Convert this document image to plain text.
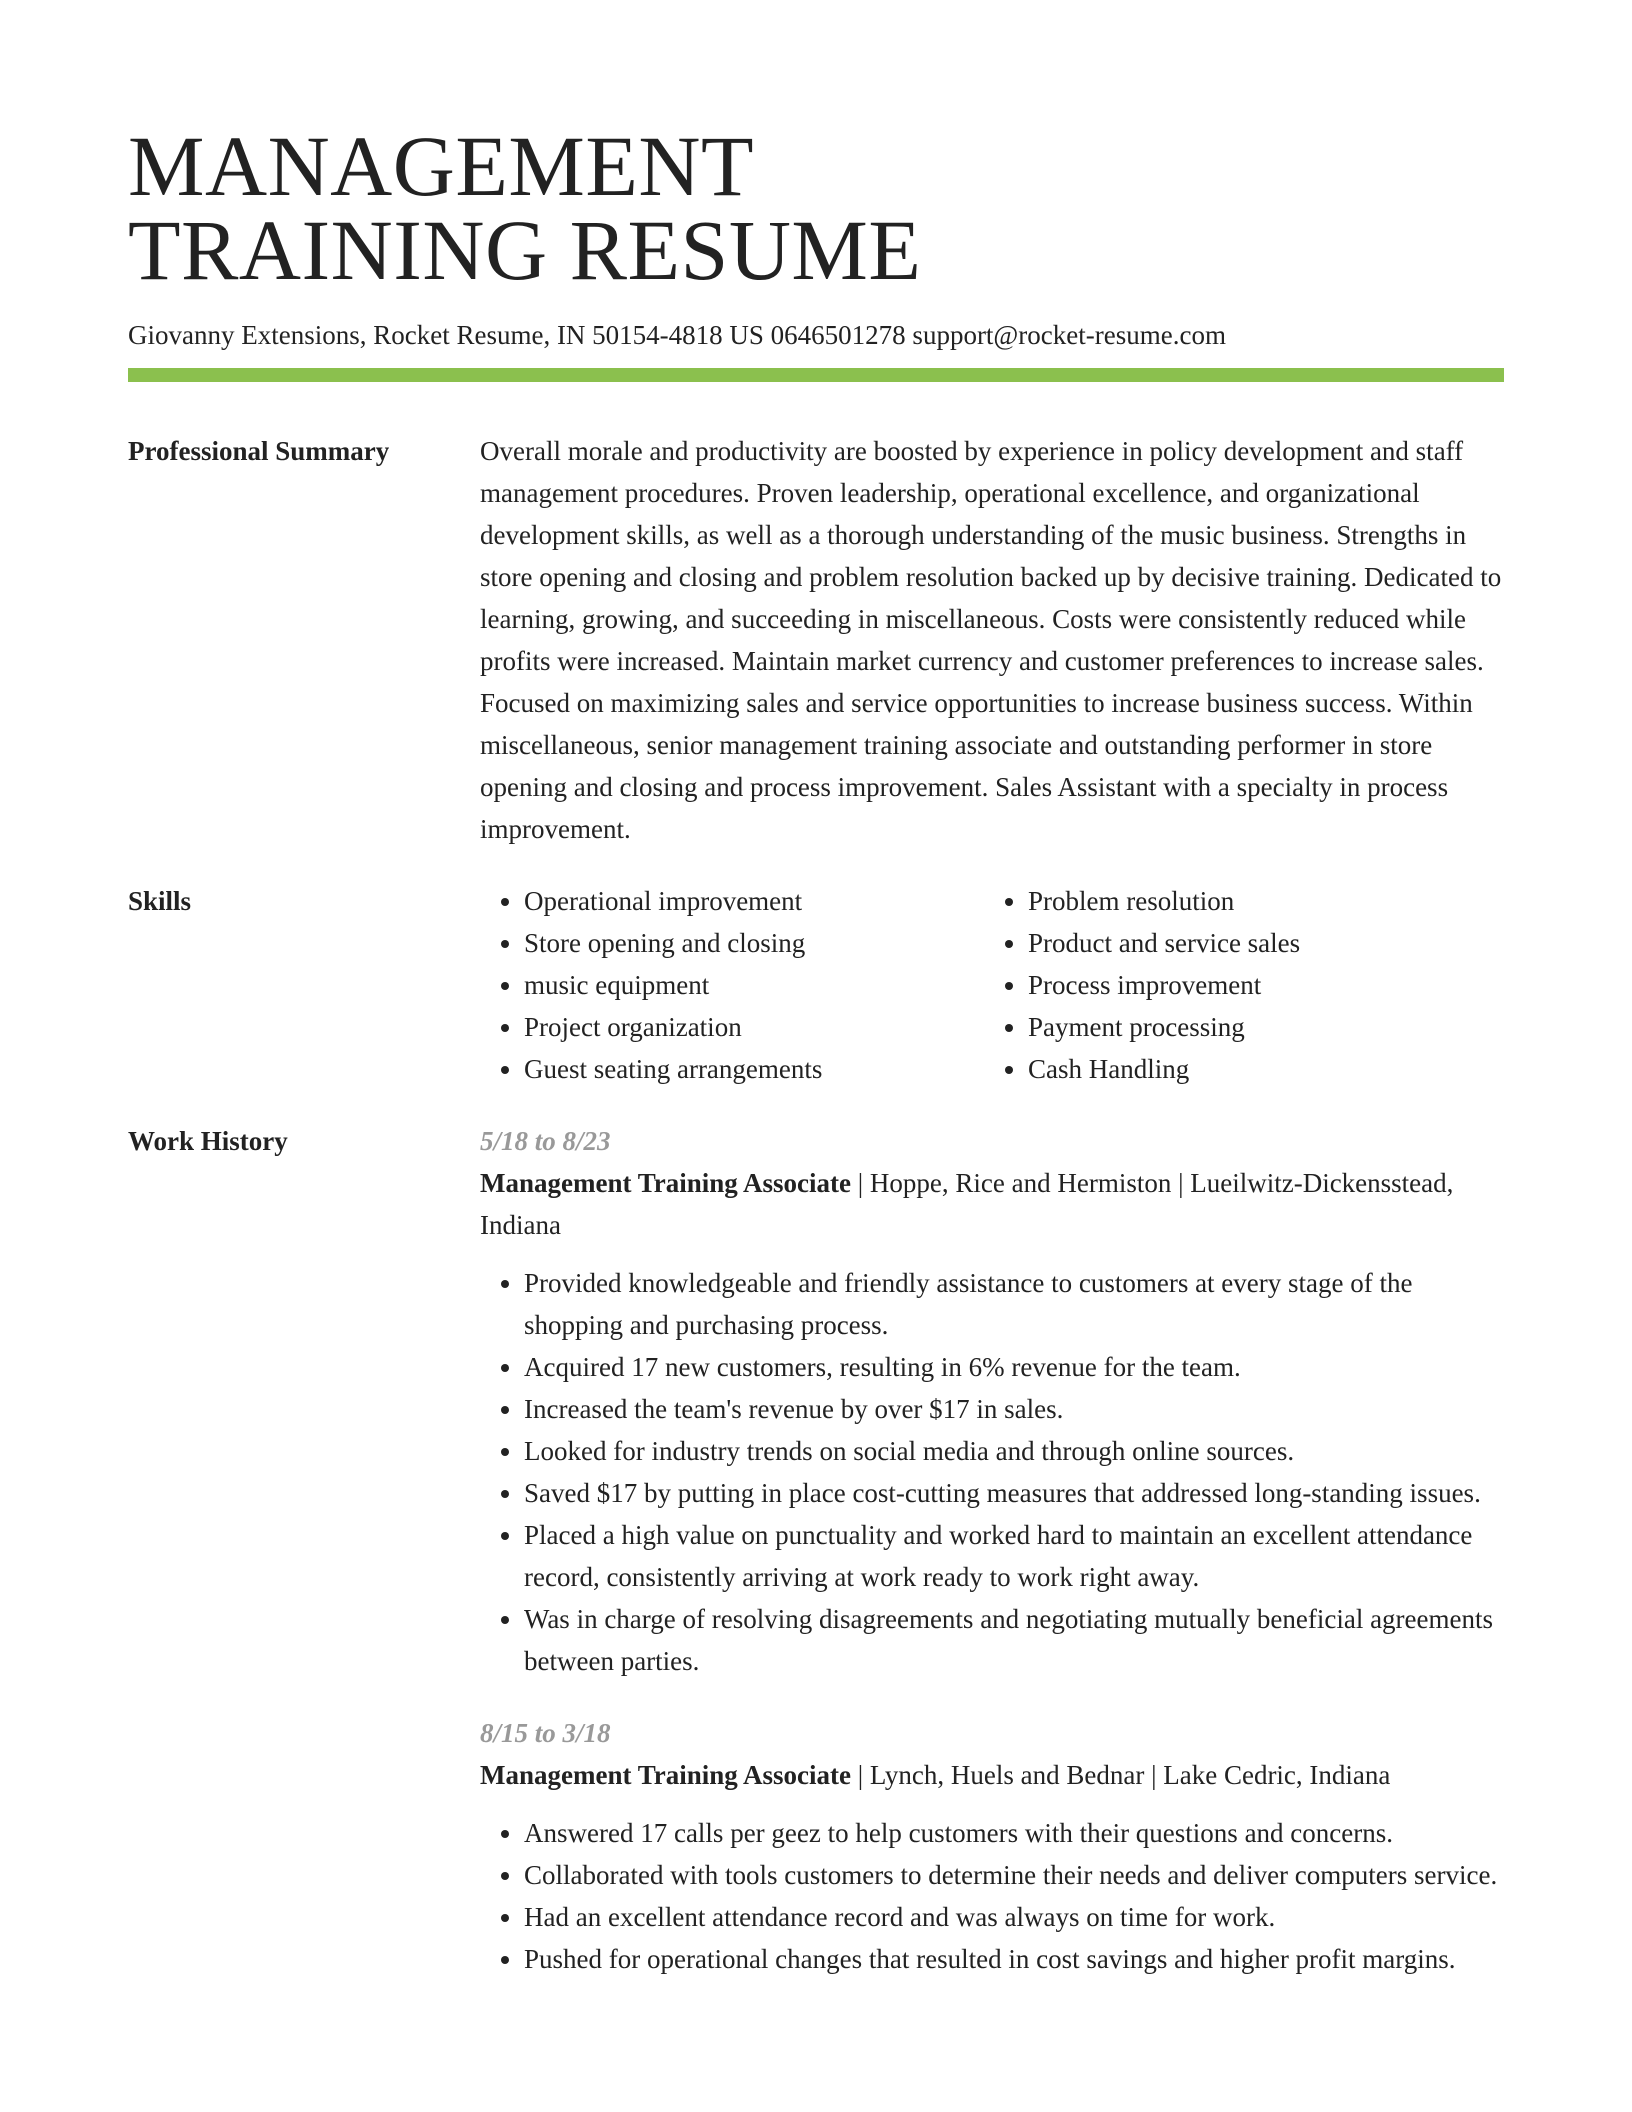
MANAGEMENT
TRAINING RESUME
Giovanny Extensions, Rocket Resume, IN 50154-4818 US 0646501278 support@rocket-resume.com
Professional Summary	Overall morale and productivity are boosted by experience in policy development and staff management procedures. Proven leadership, operational excellence, and organizational development skills, as well as a thorough understanding of the music business. Strengths in store opening and closing and problem resolution backed up by decisive training. Dedicated to learning, growing, and succeeding in miscellaneous. Costs were consistently reduced while profits were increased. Maintain market currency and customer preferences to increase sales. Focused on maximizing sales and service opportunities to increase business success. Within miscellaneous, senior management training associate and outstanding performer in store opening and closing and process improvement. Sales Assistant with a specialty in process improvement.

Skills
•	Operational improvement
• Store opening and closing
• music equipment
• Project organization
• Guest seating arrangements
• Problem resolution
• Product and service sales
• Process improvement
• Payment processing
• Cash Handling
Work History	5/18 to 8/23
Management Training Associate | Hoppe, Rice and Hermiston | Lueilwitz-Dickensstead, Indiana
• Provided knowledgeable and friendly assistance to customers at every stage of the shopping and purchasing process.
• Acquired 17 new customers, resulting in 6% revenue for the team.
• Increased the team's revenue by over $17 in sales.
• Looked for industry trends on social media and through online sources.
• Saved $17 by putting in place cost-cutting measures that addressed long-standing issues.
• Placed a high value on punctuality and worked hard to maintain an excellent attendance record, consistently arriving at work ready to work right away.
• Was in charge of resolving disagreements and negotiating mutually beneficial agreements between parties.
8/15 to 3/18
Management Training Associate | Lynch, Huels and Bednar | Lake Cedric, Indiana
• Answered 17 calls per geez to help customers with their questions and concerns.
• Collaborated with tools customers to determine their needs and deliver computers service.
• Had an excellent attendance record and was always on time for work.
• Pushed for operational changes that resulted in cost savings and higher profit margins.
